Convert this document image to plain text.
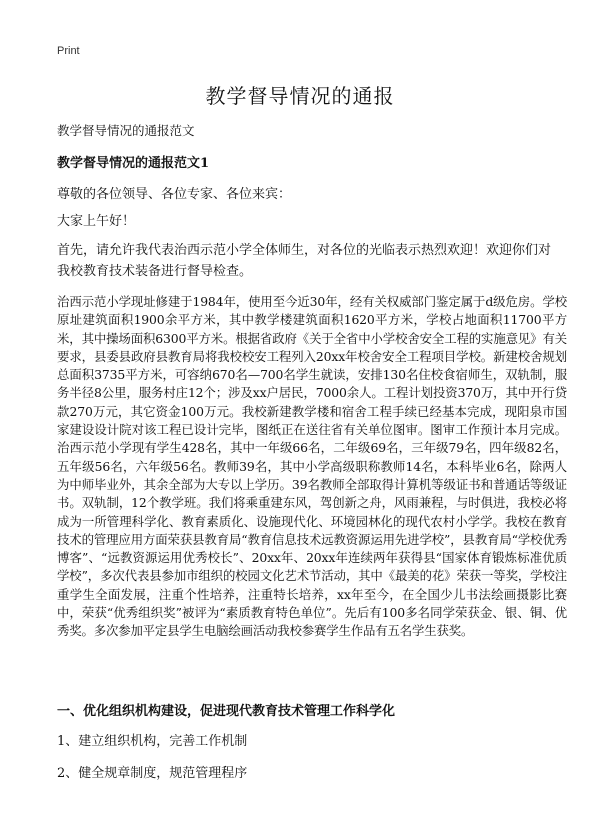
Print
教学督导情况的通报
教学督导情况的通报范文
教学督导情况的通报范文1
尊敬的各位领导、各位专家、各位来宾：
大家上午好！
首先，请允许我代表治西示范小学全体师生，对各位的光临表示热烈欢迎！欢迎你们对我校教育技术装备进行督导检查。
治西示范小学现址修建于1984年，使用至今近30年，经有关权威部门鉴定属于d级危房。学校原址建筑面积1900余平方米，其中教学楼建筑面积1620平方米，学校占地面积11700平方米，其中操场面积6300平方米。根据省政府《关于全省中小学校舍安全工程的实施意见》有关要求，县委县政府县教育局将我校校安工程列入20xx年校舍安全工程项目学校。新建校舍规划总面积3735平方米，可容纳670名—700名学生就读，安排130名住校食宿师生，双轨制，服务半径8公里，服务村庄12个；涉及xx户居民，7000余人。工程计划投资370万，其中开行贷款270万元，其它资金100万元。我校新建教学楼和宿舍工程手续已经基本完成，现阳泉市国家建设设计院对该工程已设计完毕，图纸正在送往省有关单位图审。图审工作预计本月完成。治西示范小学现有学生428名，其中一年级66名，二年级69名，三年级79名，四年级82名，五年级56名，六年级56名。教师39名，其中小学高级职称教师14名，本科毕业6名，除两人为中师毕业外，其余全部为大专以上学历。39名教师全部取得计算机等级证书和普通话等级证书。双轨制，12个教学班。我们将乘重建东风，驾创新之舟，风雨兼程，与时俱进，我校必将成为一所管理科学化、教育素质化、设施现代化、环境园林化的现代农村小学学。我校在教育技术的管理应用方面荣获县教育局“教育信息技术远教资源运用先进学校”，县教育局“学校优秀博客”、“远教资源运用优秀校长”、20xx年、20xx年连续两年获得县“国家体育锻炼标准优质学校”，多次代表县参加市组织的校园文化艺术节活动，其中《最美的花》荣获一等奖，学校注重学生全面发展，注重个性培养，注重特长培养，xx年至今，在全国少儿书法绘画摄影比赛中，荣获“优秀组织奖”被评为“素质教育特色单位”。先后有100多名同学荣获金、银、铜、优秀奖。多次参加平定县学生电脑绘画活动我校参赛学生作品有五名学生获奖。
一、优化组织机构建设，促进现代教育技术管理工作科学化
1、建立组织机构，完善工作机制
2、健全规章制度，规范管理程序
